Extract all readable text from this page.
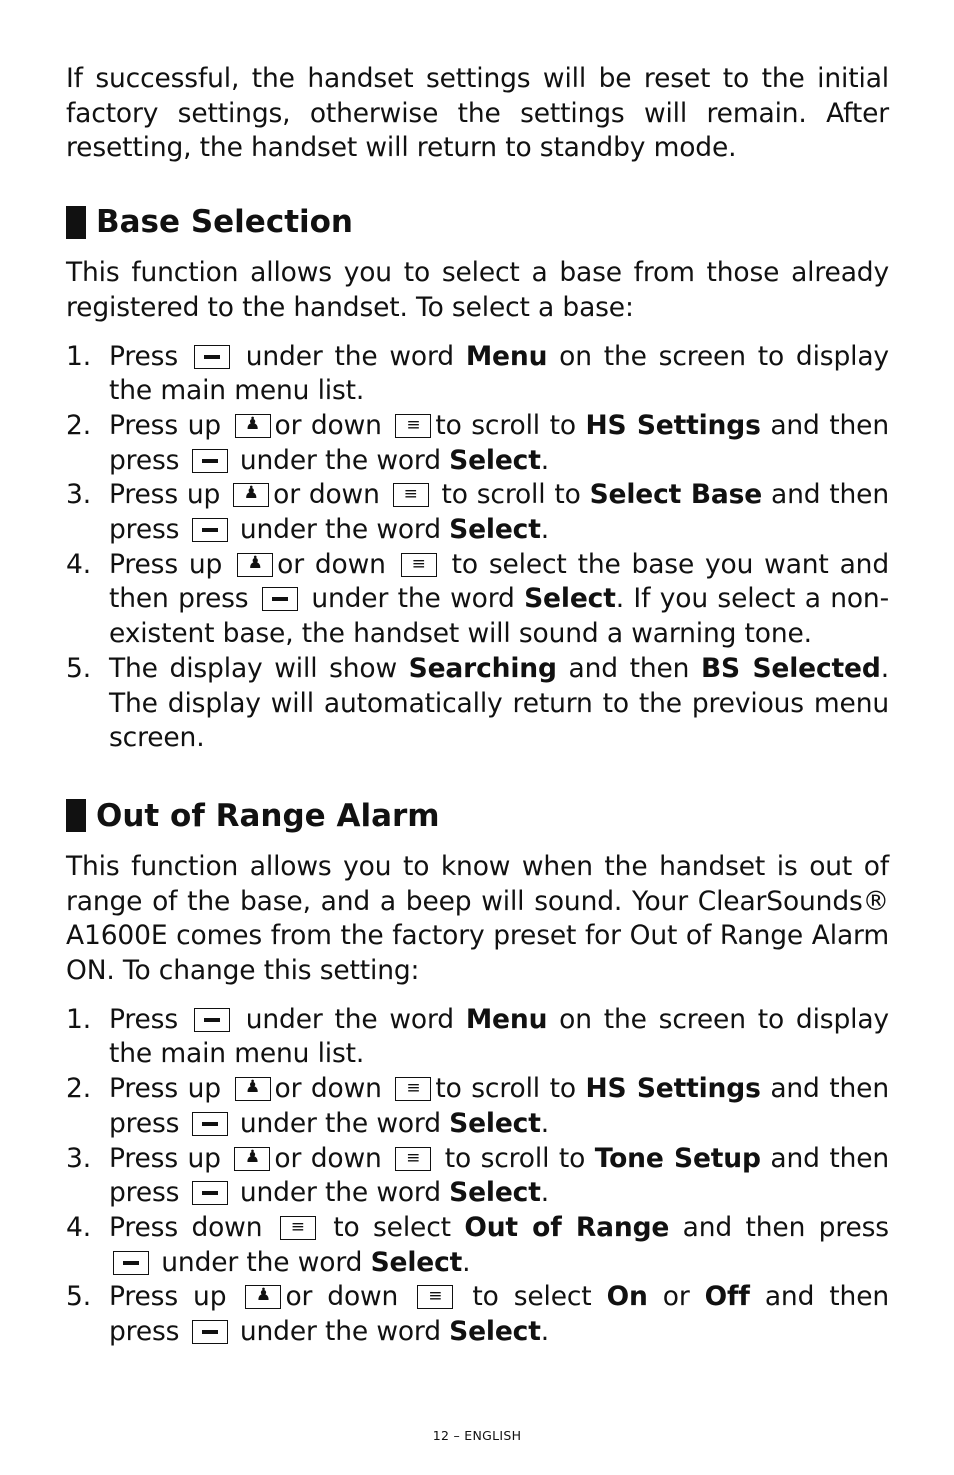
If successful, the handset settings will be reset to the initial factory settings, otherwise the settings will remain. After resetting, the handset will return to standby mode.

Base Selection

This function allows you to select a base from those already registered to the handset. To select a base:

1. Press	under the word Menu on the screen to display the main menu list.
2. Press up ♟ or down ≡ to scroll to HS Settings and then press under the word Select.
3. Press up ♟ or down ≡ to scroll to Select Base and then press under the word Select.
4. Press up ♟ or down ≡ to select the base you want and then press under the word Select. If you select a non-existent base, the handset will sound a warning tone.
5. The display will show Searching and then BS Selected. The display will automatically return to the previous menu screen.
Out of Range Alarm

This function allows you to know when the handset is out of range of the base, and a beep will sound. Your ClearSounds® A1600E comes from the factory preset for Out of Range Alarm ON. To change this setting:

1. Press	under the word Menu on the screen to display the main menu list.
2. Press up ♟ or down ≡ to scroll to HS Settings and then press under the word Select.
3. Press up ♟ or down ≡ to scroll to Tone Setup and then press under the word Select.
4. Press down ≡	to select Out of Range and then press  under the word Select.
5. Press up ♟ or down ≡	to select On or Off and then press under the word Select.
12 – ENGLISH
